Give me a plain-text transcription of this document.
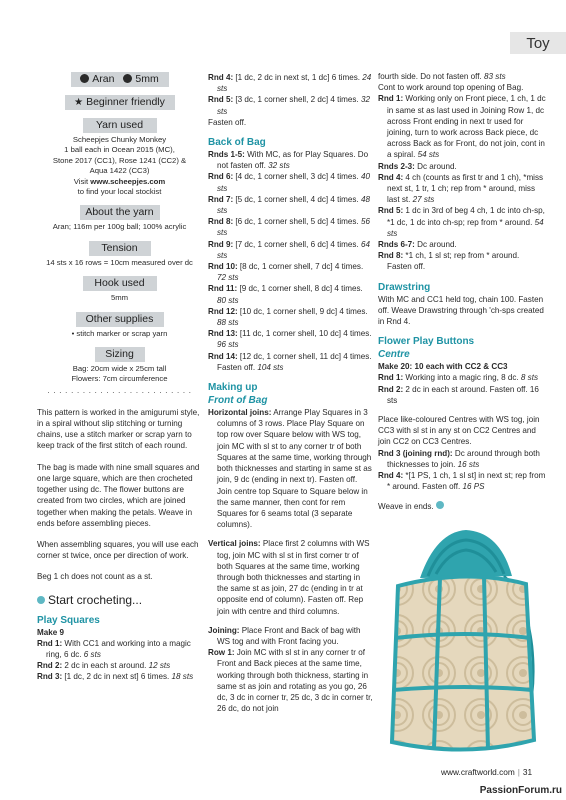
Toy
Aran 5mm
★ Beginner friendly
Yarn used
Scheepjes Chunky Monkey
1 ball each in Ocean 2015 (MC),
Stone 2017 (CC1), Rose 1241 (CC2) &
Aqua 1422 (CC3)
Visit www.scheepjes.com
to find your local stockist
About the yarn
Aran; 116m per 100g ball; 100% acrylic
Tension
14 sts x 16 rows = 10cm measured over dc
Hook used
5mm
Other supplies
• stitch marker or scrap yarn
Sizing
Bag: 20cm wide x 25cm tall
Flowers: 7cm circumference
· · · · · · · · · · · · · · · · · · · · · · · · ·
This pattern is worked in the amigurumi style, in a spiral without slip stitching or turning chains, use a stitch marker or scrap yarn to keep track of the first stitch of each round.
The bag is made with nine small squares and one large square, which are then crocheted together using dc. The flower buttons are created from two circles, which are joined together when making the petals. Weave in ends before assembling pieces.
When assembling squares, you will use each corner st twice, once per direction of work.
Beg 1 ch does not count as a st.
Start crocheting...
Play Squares
Make 9
Rnd 1: With CC1 and working into a magic ring, 6 dc. 6 sts
Rnd 2: 2 dc in each st around. 12 sts
Rnd 3: [1 dc, 2 dc in next st] 6 times. 18 sts
Rnd 4: [1 dc, 2 dc in next st, 1 dc] 6 times. 24 sts
Rnd 5: [3 dc, 1 corner shell, 2 dc] 4 times. 32 sts
Fasten off.
Back of Bag
Rnds 1-5: With MC, as for Play Squares. Do not fasten off. 32 sts
Rnd 6: [4 dc, 1 corner shell, 3 dc] 4 times. 40 sts
Rnd 7: [5 dc, 1 corner shell, 4 dc] 4 times. 48 sts
Rnd 8: [6 dc, 1 corner shell, 5 dc] 4 times. 56 sts
Rnd 9: [7 dc, 1 corner shell, 6 dc] 4 times. 64 sts
Rnd 10: [8 dc, 1 corner shell, 7 dc] 4 times. 72 sts
Rnd 11: [9 dc, 1 corner shell, 8 dc] 4 times. 80 sts
Rnd 12: [10 dc, 1 corner shell, 9 dc] 4 times. 88 sts
Rnd 13: [11 dc, 1 corner shell, 10 dc] 4 times. 96 sts
Rnd 14: [12 dc, 1 corner shell, 11 dc] 4 times. Fasten off. 104 sts
Making up
Front of Bag
Horizontal joins: Arrange Play Squares in 3 columns of 3 rows. Place Play Square on top row over Square below with WS tog, join MC with sl st to any corner tr of both Squares at the same time, working through both thicknesses and starting in same st as join, 9 dc (ending in next tr). Fasten off. Join centre top Square to Square below in the same manner, then cont for rem Squares for 6 seams total (3 separate columns).
Vertical joins: Place first 2 columns with WS tog, join MC with sl st in first corner tr of both Squares at the same time, working through both thicknesses and starting in the same st as join, 27 dc (ending in tr at opposite end of column). Fasten off. Rep join with centre and third columns.
Joining: Place Front and Back of bag with WS tog and with Front facing you.
Row 1: Join MC with sl st in any corner tr of Front and Back pieces at the same time, working through both thickness, starting in same st as join and rotating as you go, 26 dc, 3 dc in corner tr, 25 dc, 3 dc in corner tr, 26 dc, do not join
fourth side. Do not fasten off. 83 sts
Cont to work around top opening of Bag.
Rnd 1: Working only on Front piece, 1 ch, 1 dc in same st as last used in Joining Row 1, dc across Front ending in next tr used for joining, turn to work across Back piece, dc across Back as for Front, do not join, cont in a spiral. 54 sts
Rnds 2-3: Dc around.
Rnd 4: 4 ch (counts as first tr and 1 ch), *miss next st, 1 tr, 1 ch; rep from * around, miss last st. 27 sts
Rnd 5: 1 dc in 3rd of beg 4 ch, 1 dc into ch-sp, *1 dc, 1 dc into ch-sp; rep from * around. 54 sts
Rnds 6-7: Dc around.
Rnd 8: *1 ch, 1 sl st; rep from * around. Fasten off.
Drawstring
With MC and CC1 held tog, chain 100. Fasten off. Weave Drawstring through 'ch-sps created in Rnd 4.
Flower Play Buttons
Centre
Make 20: 10 each with CC2 & CC3
Rnd 1: Working into a magic ring, 8 dc. 8 sts
Rnd 2: 2 dc in each st around. Fasten off. 16 sts
Place like-coloured Centres with WS tog, join CC3 with sl st in any st on CC2 Centres and join CC2 on CC3 Centres.
Rnd 3 (joining rnd): Dc around through both thicknesses to join. 16 sts
Rnd 4: *[1 PS, 1 ch, 1 sl st] in next st; rep from * around. Fasten off. 16 PS
Weave in ends.
www.craftworld.com | 31
PassionForum.ru
